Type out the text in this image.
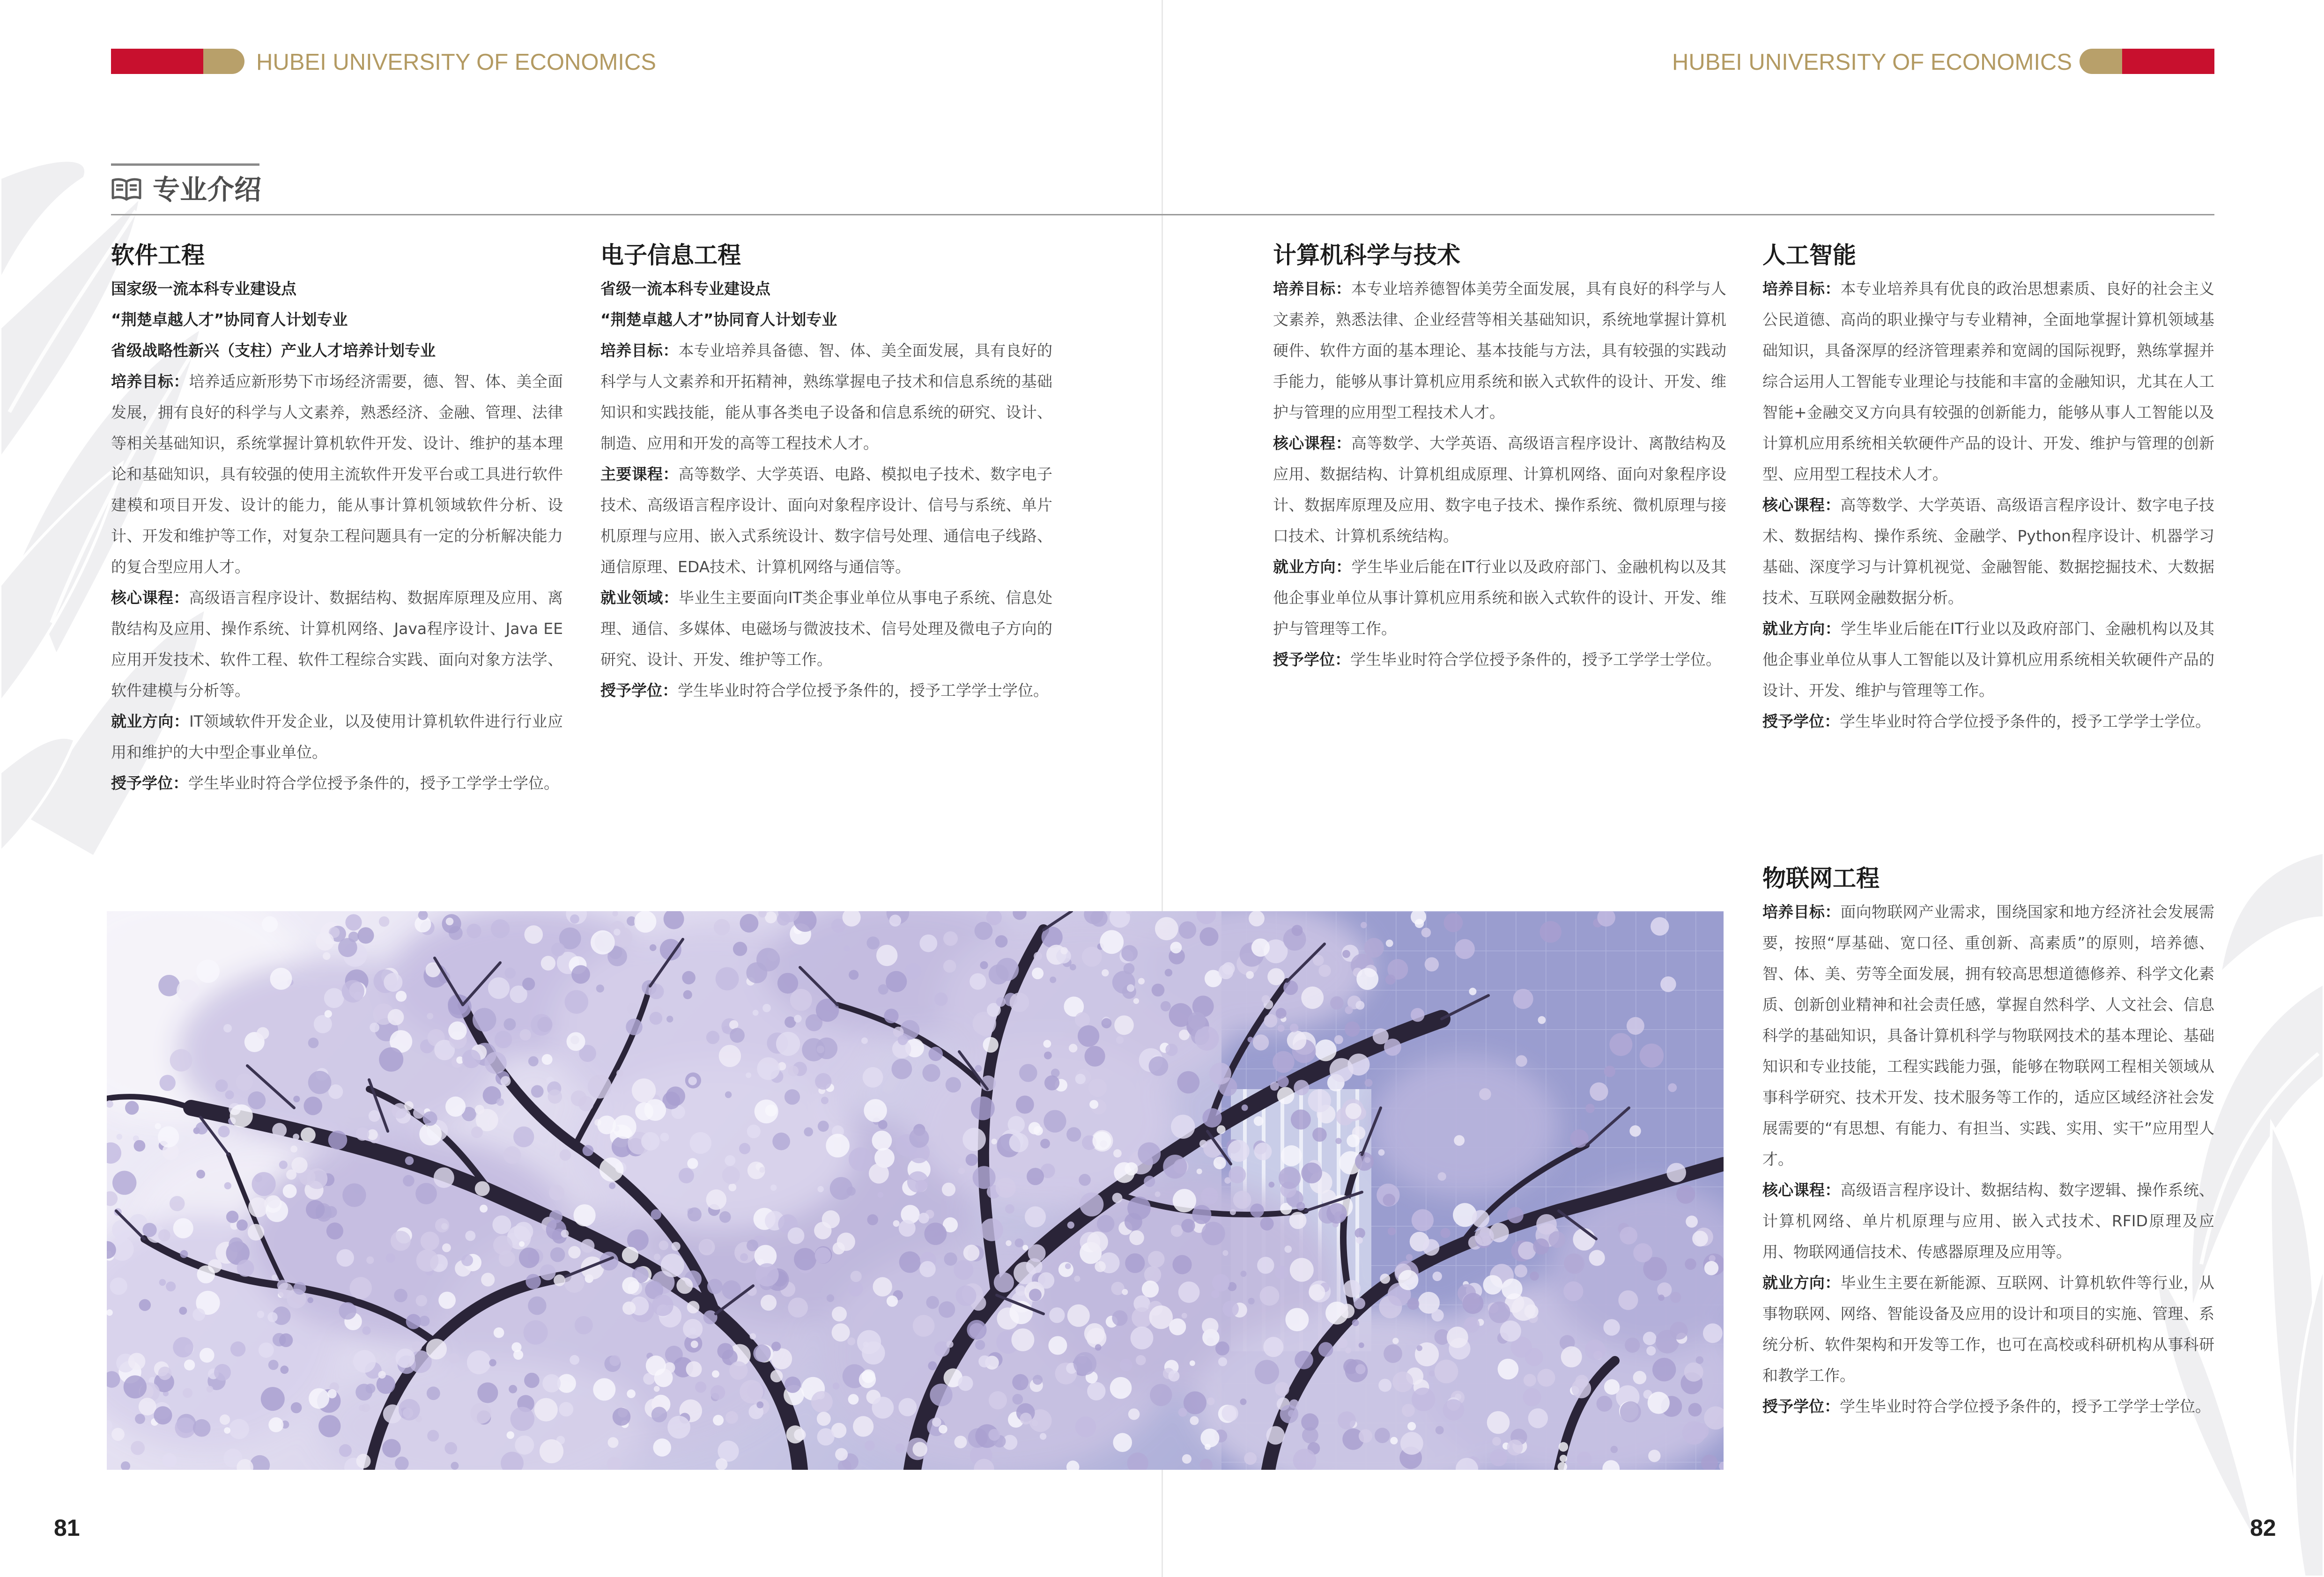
HUBEI UNIVERSITY OF ECONOMICS	HUBEI UNIVERSITY OF ECONOMICS
专业介绍
软件工程

国家级一流本科专业建设点

“荆楚卓越人才”协同育人计划专业

省级战略性新兴（支柱）产业人才培养计划专业

培养目标：培养适应新形势下市场经济需要，德、智、体、美全面发展，拥有良好的科学与人文素养，熟悉经济、金融、管理、法律等相关基础知识，系统掌握计算机软件开发、设计、维护的基本理论和基础知识，具有较强的使用主流软件开发平台或工具进行软件建模和项目开发、设计的能力，能从事计算机领域软件分析、设计、开发和维护等工作，对复杂工程问题具有一定的分析解决能力的复合型应用人才。

核心课程：高级语言程序设计、数据结构、数据库原理及应用、离散结构及应用、操作系统、计算机网络、Java程序设计、Java EE应用开发技术、软件工程、软件工程综合实践、面向对象方法学、软件建模与分析等。

就业方向：IT领域软件开发企业，以及使用计算机软件进行行业应用和维护的大中型企事业单位。

授予学位：学生毕业时符合学位授予条件的，授予工学学士学位。

电子信息工程

省级一流本科专业建设点

“荆楚卓越人才”协同育人计划专业

培养目标：本专业培养具备德、智、体、美全面发展，具有良好的科学与人文素养和开拓精神，熟练掌握电子技术和信息系统的基础知识和实践技能，能从事各类电子设备和信息系统的研究、设计、制造、应用和开发的高等工程技术人才。

主要课程：高等数学、大学英语、电路、模拟电子技术、数字电子技术、高级语言程序设计、面向对象程序设计、信号与系统、单片机原理与应用、嵌入式系统设计、数字信号处理、通信电子线路、通信原理、EDA技术、计算机网络与通信等。

就业领域：毕业生主要面向IT类企事业单位从事电子系统、信息处理、通信、多媒体、电磁场与微波技术、信号处理及微电子方向的研究、设计、开发、维护等工作。

授予学位：学生毕业时符合学位授予条件的，授予工学学士学位。

计算机科学与技术

培养目标：本专业培养德智体美劳全面发展，具有良好的科学与人文素养，熟悉法律、企业经营等相关基础知识，系统地掌握计算机硬件、软件方面的基本理论、基本技能与方法，具有较强的实践动手能力，能够从事计算机应用系统和嵌入式软件的设计、开发、维护与管理的应用型工程技术人才。

核心课程：高等数学、大学英语、高级语言程序设计、离散结构及应用、数据结构、计算机组成原理、计算机网络、面向对象程序设计、数据库原理及应用、数字电子技术、操作系统、微机原理与接口技术、计算机系统结构。

就业方向：学生毕业后能在IT行业以及政府部门、金融机构以及其他企事业单位从事计算机应用系统和嵌入式软件的设计、开发、维护与管理等工作。

授予学位：学生毕业时符合学位授予条件的，授予工学学士学位。

人工智能

培养目标：本专业培养具有优良的政治思想素质、良好的社会主义公民道德、高尚的职业操守与专业精神，全面地掌握计算机领域基础知识，具备深厚的经济管理素养和宽阔的国际视野，熟练掌握并综合运用人工智能专业理论与技能和丰富的金融知识，尤其在人工智能+金融交叉方向具有较强的创新能力，能够从事人工智能以及计算机应用系统相关软硬件产品的设计、开发、维护与管理的创新型、应用型工程技术人才。

核心课程：高等数学、大学英语、高级语言程序设计、数字电子技术、数据结构、操作系统、金融学、Python程序设计、机器学习基础、深度学习与计算机视觉、金融智能、数据挖掘技术、大数据技术、互联网金融数据分析。

就业方向：学生毕业后能在IT行业以及政府部门、金融机构以及其他企事业单位从事人工智能以及计算机应用系统相关软硬件产品的设计、开发、维护与管理等工作。

授予学位：学生毕业时符合学位授予条件的，授予工学学士学位。

物联网工程

培养目标：面向物联网产业需求，围绕国家和地方经济社会发展需要，按照“厚基础、宽口径、重创新、高素质”的原则，培养德、智、体、美、劳等全面发展，拥有较高思想道德修养、科学文化素质、创新创业精神和社会责任感，掌握自然科学、人文社会、信息科学的基础知识，具备计算机科学与物联网技术的基本理论、基础知识和专业技能，工程实践能力强，能够在物联网工程相关领域从事科学研究、技术开发、技术服务等工作的，适应区域经济社会发展需要的“有思想、有能力、有担当、实践、实用、实干”应用型人才。

核心课程：高级语言程序设计、数据结构、数字逻辑、操作系统、计算机网络、单片机原理与应用、嵌入式技术、RFID原理及应用、物联网通信技术、传感器原理及应用等。

就业方向：毕业生主要在新能源、互联网、计算机软件等行业，从事物联网、网络、智能设备及应用的设计和项目的实施、管理、系统分析、软件架构和开发等工作，也可在高校或科研机构从事科研和教学工作。

授予学位：学生毕业时符合学位授予条件的，授予工学学士学位。

81	82
